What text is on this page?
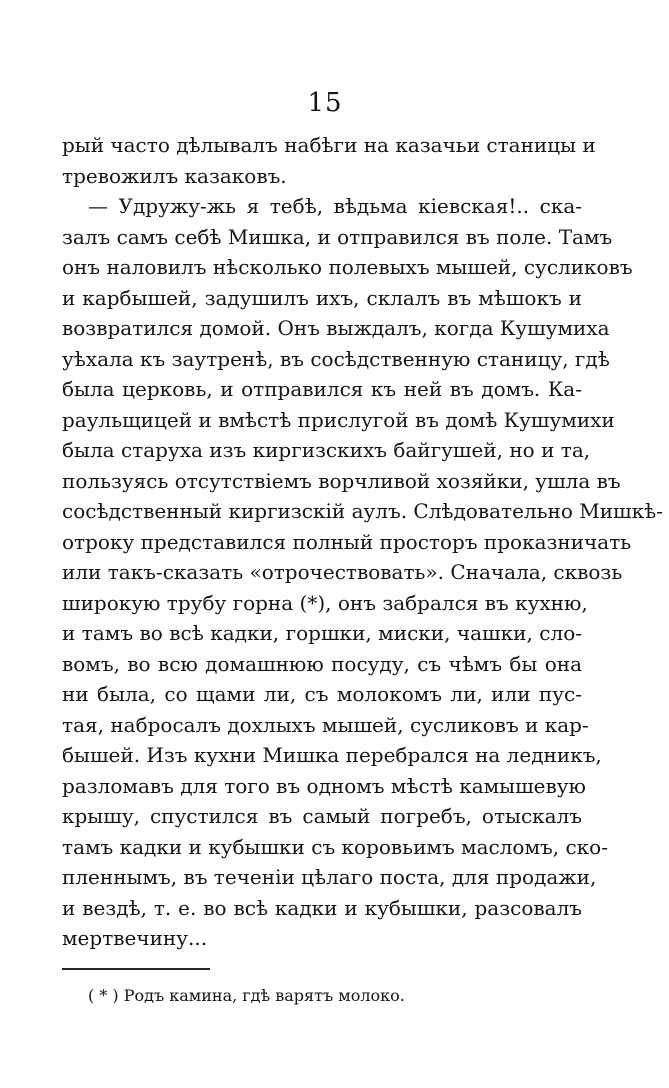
15
рый часто дѣлывалъ набѣги на казачьи станицы и
тревожилъ казаковъ.
— Удружу-жь я тебѣ, вѣдьма кіевская!.. ска-
залъ самъ себѣ Мишка, и отправился въ поле. Тамъ
онъ наловилъ нѣсколько полевыхъ мышей, сусликовъ
и карбышей, задушилъ ихъ, склалъ въ мѣшокъ и
возвратился домой. Онъ выждалъ, когда Кушумиха
уѣхала къ заутренѣ, въ сосѣдственную станицу, гдѣ
была церковь, и отправился къ ней въ домъ. Ка-
раульщицей и вмѣстѣ прислугой въ домѣ Кушумихи
была старуха изъ киргизскихъ байгушей, но и та,
пользуясь отсутствіемъ ворчливой хозяйки, ушла въ
сосѣдственный киргизскій аулъ. Слѣдовательно Мишкѣ-
отроку представился полный просторъ проказничать
или такъ-сказать «отрочествовать». Сначала, сквозь
широкую трубу горна (*), онъ забрался въ кухню,
и тамъ во всѣ кадки, горшки, миски, чашки, сло-
вомъ, во всю домашнюю посуду, съ чѣмъ бы она
ни была, со щами ли, съ молокомъ ли, или пус-
тая, набросалъ дохлыхъ мышей, сусликовъ и кар-
бышей. Изъ кухни Мишка перебрался на ледникъ,
разломавъ для того въ одномъ мѣстѣ камышевую
крышу, спустился въ самый погребъ, отыскалъ
тамъ кадки и кубышки съ коровьимъ масломъ, ско-
пленнымъ, въ теченіи цѣлаго поста, для продажи,
и вездѣ, т. е. во всѣ кадки и кубышки, разсовалъ
мертвечину...
( * ) Родъ камина, гдѣ варятъ молоко.
